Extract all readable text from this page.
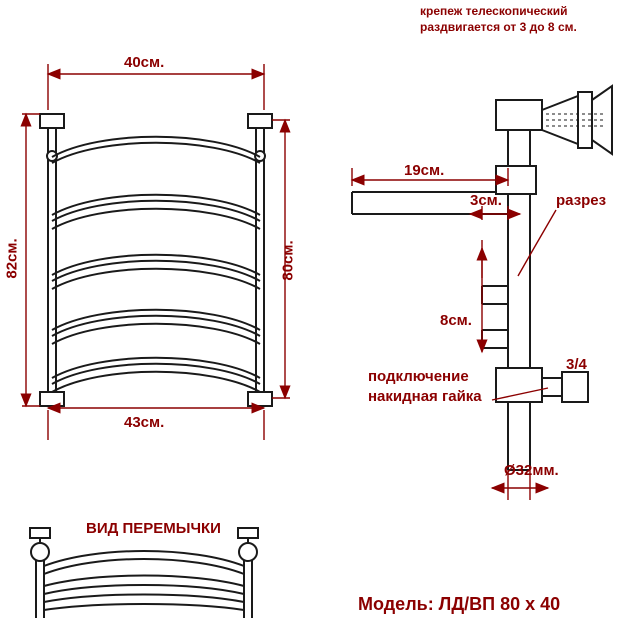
40см.
43см.
82см.	80см.
крепеж телескопический
раздвигается от 3 до 8 см.
19см.
3см.	разрез
8см.
3/4
подключение
накидная гайка
Ø32мм.
ВИД ПЕРЕМЫЧКИ
Модель: ЛД/ВП 80 х 40
